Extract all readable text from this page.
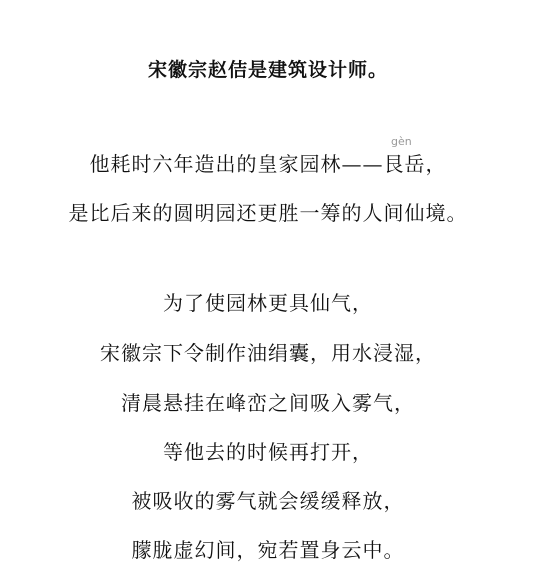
宋徽宗赵佶是建筑设计师。
gèn
他耗时六年造出的皇家园林——艮岳，
是比后来的圆明园还更胜一筹的人间仙境。
为了使园林更具仙气，
宋徽宗下令制作油绢囊，用水浸湿，
清晨悬挂在峰峦之间吸入雾气，
等他去的时候再打开，
被吸收的雾气就会缓缓释放，
朦胧虚幻间，宛若置身云中。
